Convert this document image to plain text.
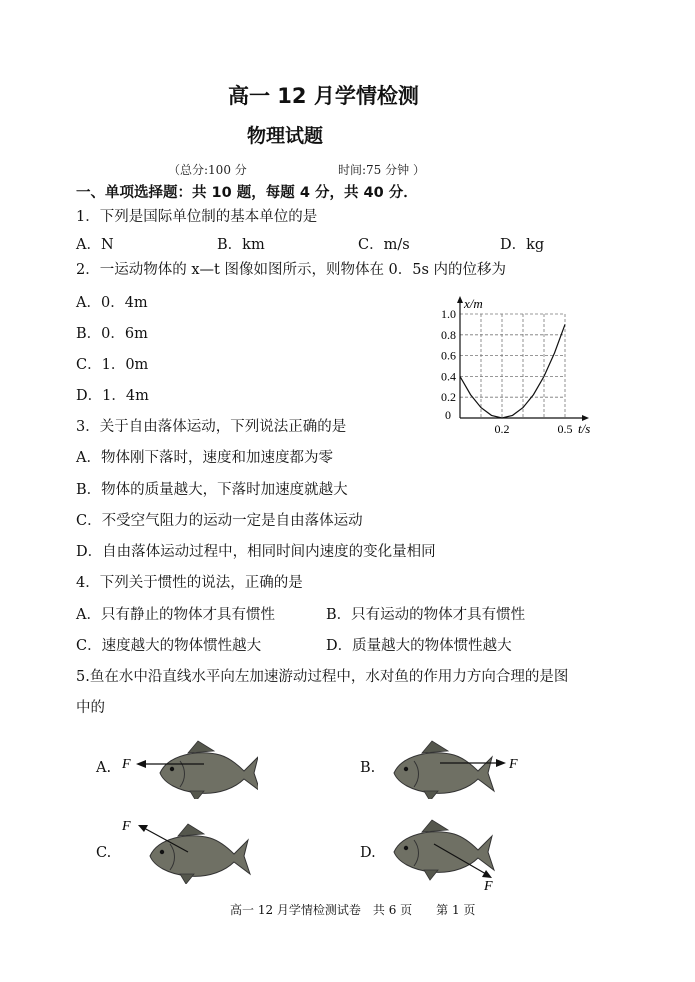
高一 12 月学情检测
物理试题
（总分:100 分	时间:75 分钟 ）
一、单项选择题：共 10 题，每题 4 分，共 40 分．
1．下列是国际单位制的基本单位的是
A．N	B．km	C．m/s	D．kg
2．一运动物体的 x—t 图像如图所示，则物体在 0．5s 内的位移为
A．0．4m
B．0．6m
C．1．0m
D．1．4m	0.2
0.4
0.6
0.8
1.0
0
0.2	0.5
x/m
t/s
3．关于自由落体运动，下列说法正确的是
A．物体刚下落时，速度和加速度都为零
B．物体的质量越大，下落时加速度就越大
C．不受空气阻力的运动一定是自由落体运动
D．自由落体运动过程中，相同时间内速度的变化量相同
4．下列关于惯性的说法，正确的是
A．只有静止的物体才具有惯性	B．只有运动的物体才具有惯性
C．速度越大的物体惯性越大	D．质量越大的物体惯性越大
5.鱼在水中沿直线水平向左加速游动过程中，水对鱼的作用力方向合理的是图
中的
A. F	B.	F
C.
F
D.
F
高一 12 月学情检测试卷　共 6 页　　第 1 页
